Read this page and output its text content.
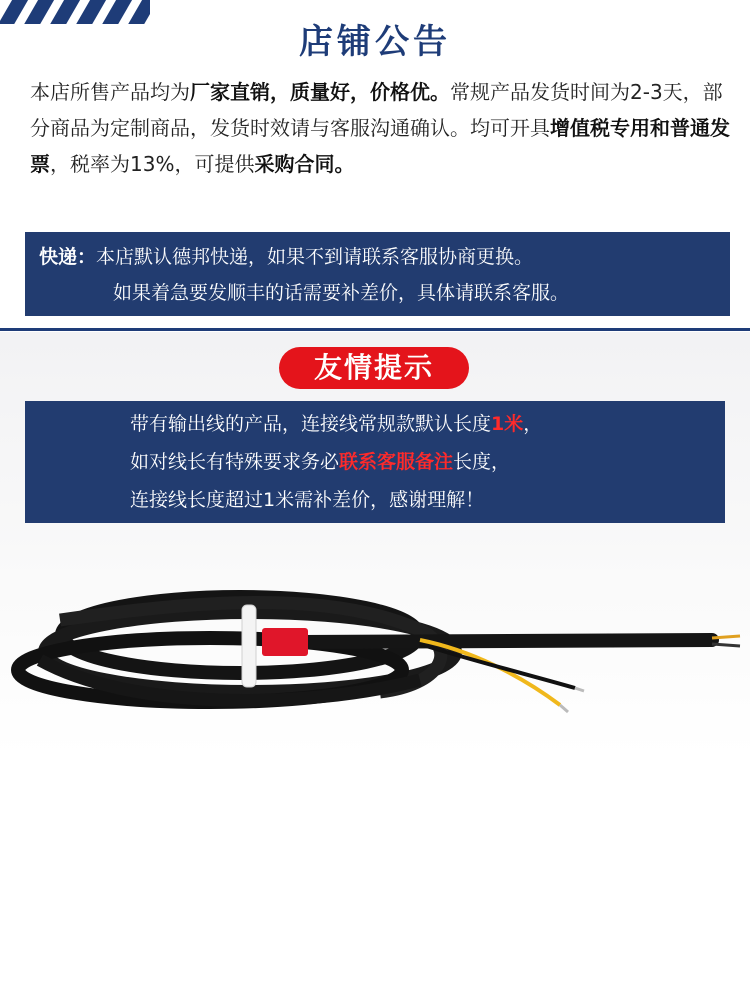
店铺公告
本店所售产品均为厂家直销，质量好，价格优。常规产品发货时间为2-3天，部分商品为定制商品，发货时效请与客服沟通确认。均可开具增值税专用和普通发票，税率为13%，可提供采购合同。
快递：本店默认德邦快递，如果不到请联系客服协商更换。
如果着急要发顺丰的话需要补差价，具体请联系客服。
友情提示
带有输出线的产品，连接线常规款默认长度1米，
如对线长有特殊要求务必联系客服备注长度，
连接线长度超过1米需补差价，感谢理解！
